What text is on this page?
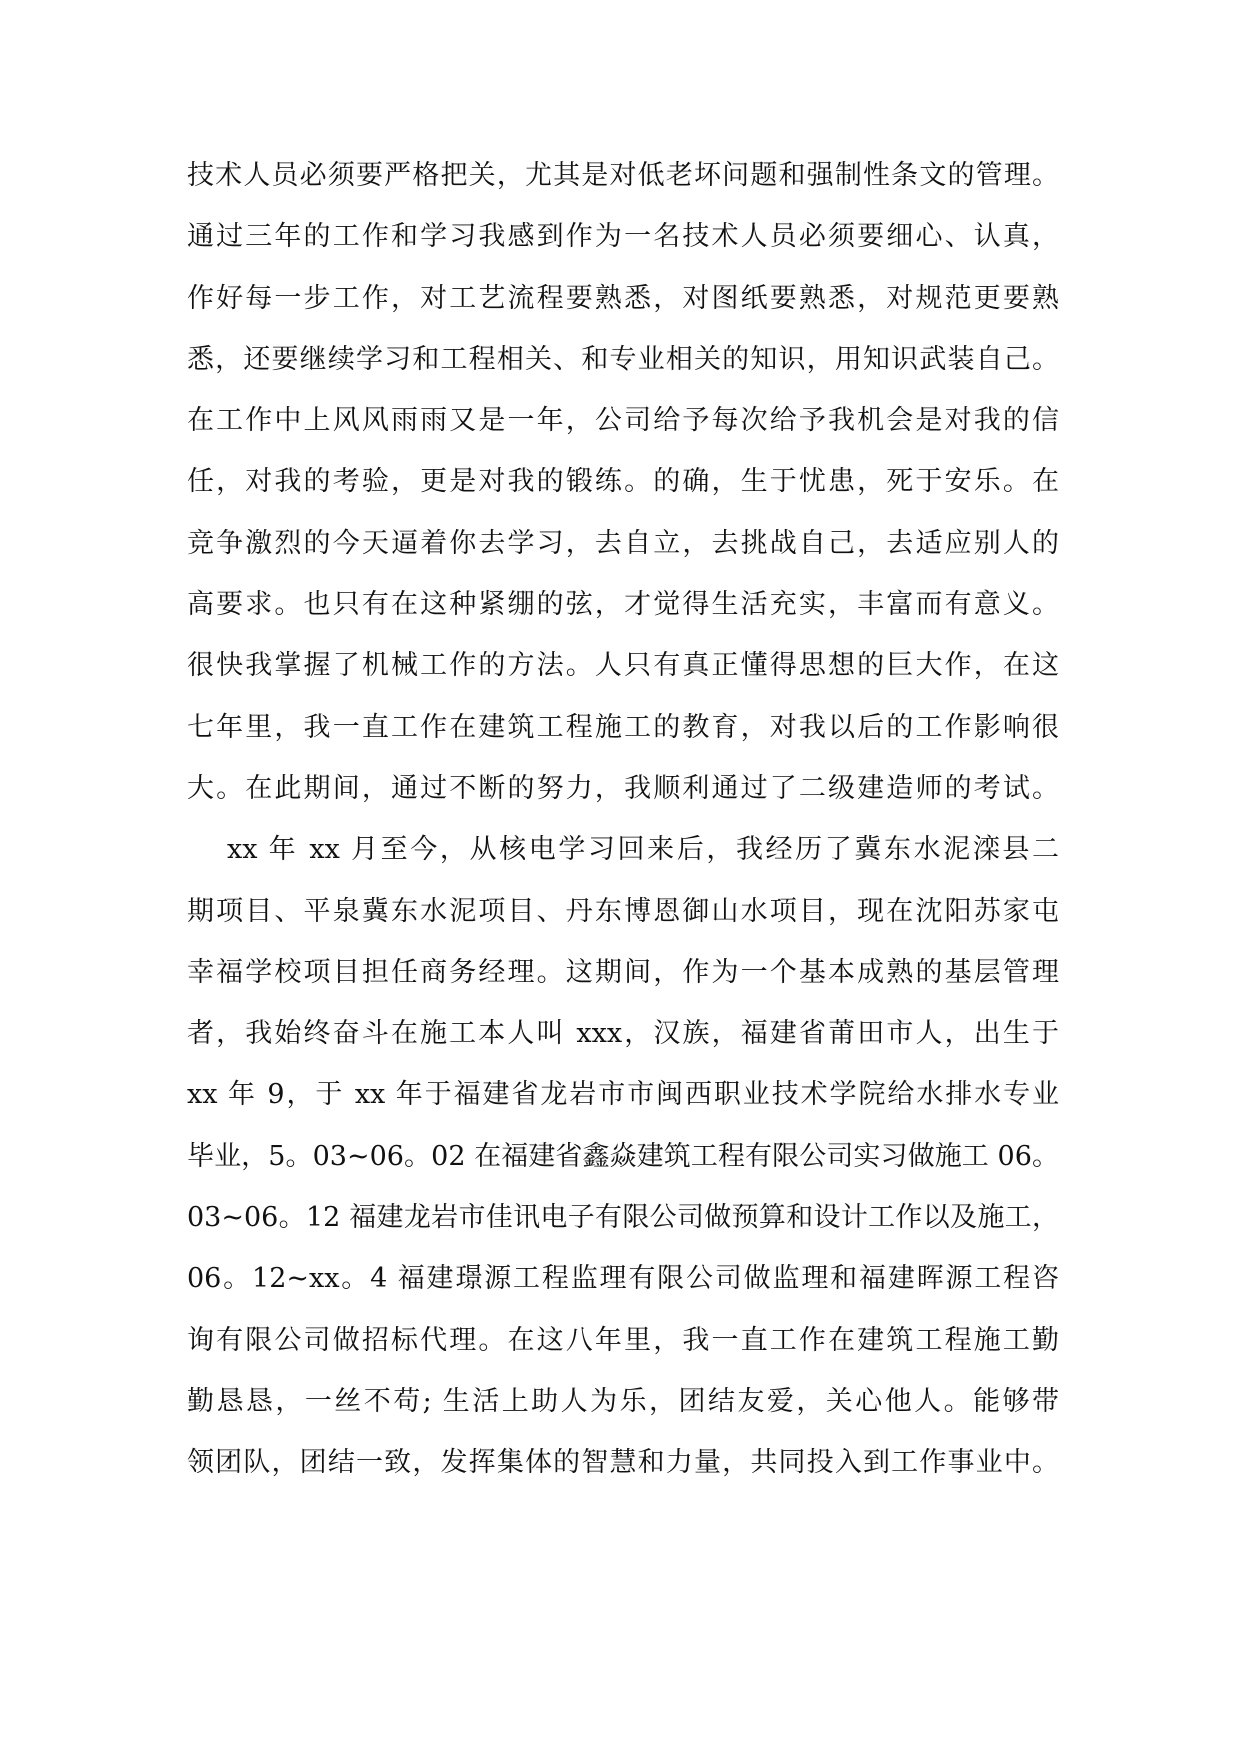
技术人员必须要严格把关，尤其是对低老坏问题和强制性条文的管理。
通过三年的工作和学习我感到作为一名技术人员必须要细心、认真，
作好每一步工作，对工艺流程要熟悉，对图纸要熟悉，对规范更要熟
悉，还要继续学习和工程相关、和专业相关的知识，用知识武装自己。
在工作中上风风雨雨又是一年，公司给予每次给予我机会是对我的信
任，对我的考验，更是对我的锻练。的确，生于忧患，死于安乐。在
竞争激烈的今天逼着你去学习，去自立，去挑战自己，去适应别人的
高要求。也只有在这种紧绷的弦，才觉得生活充实，丰富而有意义。
很快我掌握了机械工作的方法。人只有真正懂得思想的巨大作，在这
七年里，我一直工作在建筑工程施工的教育，对我以后的工作影响很
大。在此期间，通过不断的努力，我顺利通过了二级建造师的考试。
xx 年 xx 月至今，从核电学习回来后，我经历了冀东水泥滦县二
期项目、平泉冀东水泥项目、丹东博恩御山水项目，现在沈阳苏家屯
幸福学校项目担任商务经理。这期间，作为一个基本成熟的基层管理
者，我始终奋斗在施工本人叫 xxx，汉族，福建省莆田市人，出生于
xx 年 9，于 xx 年于福建省龙岩市市闽西职业技术学院给水排水专业
毕业，5。03~06。02 在福建省鑫焱建筑工程有限公司实习做施工 06。
03~06。12 福建龙岩市佳讯电子有限公司做预算和设计工作以及施工，
06。12~xx。4 福建璟源工程监理有限公司做监理和福建晖源工程咨
询有限公司做招标代理。在这八年里，我一直工作在建筑工程施工勤
勤恳恳，一丝不苟; 生活上助人为乐，团结友爱，关心他人。能够带
领团队，团结一致，发挥集体的智慧和力量，共同投入到工作事业中。
